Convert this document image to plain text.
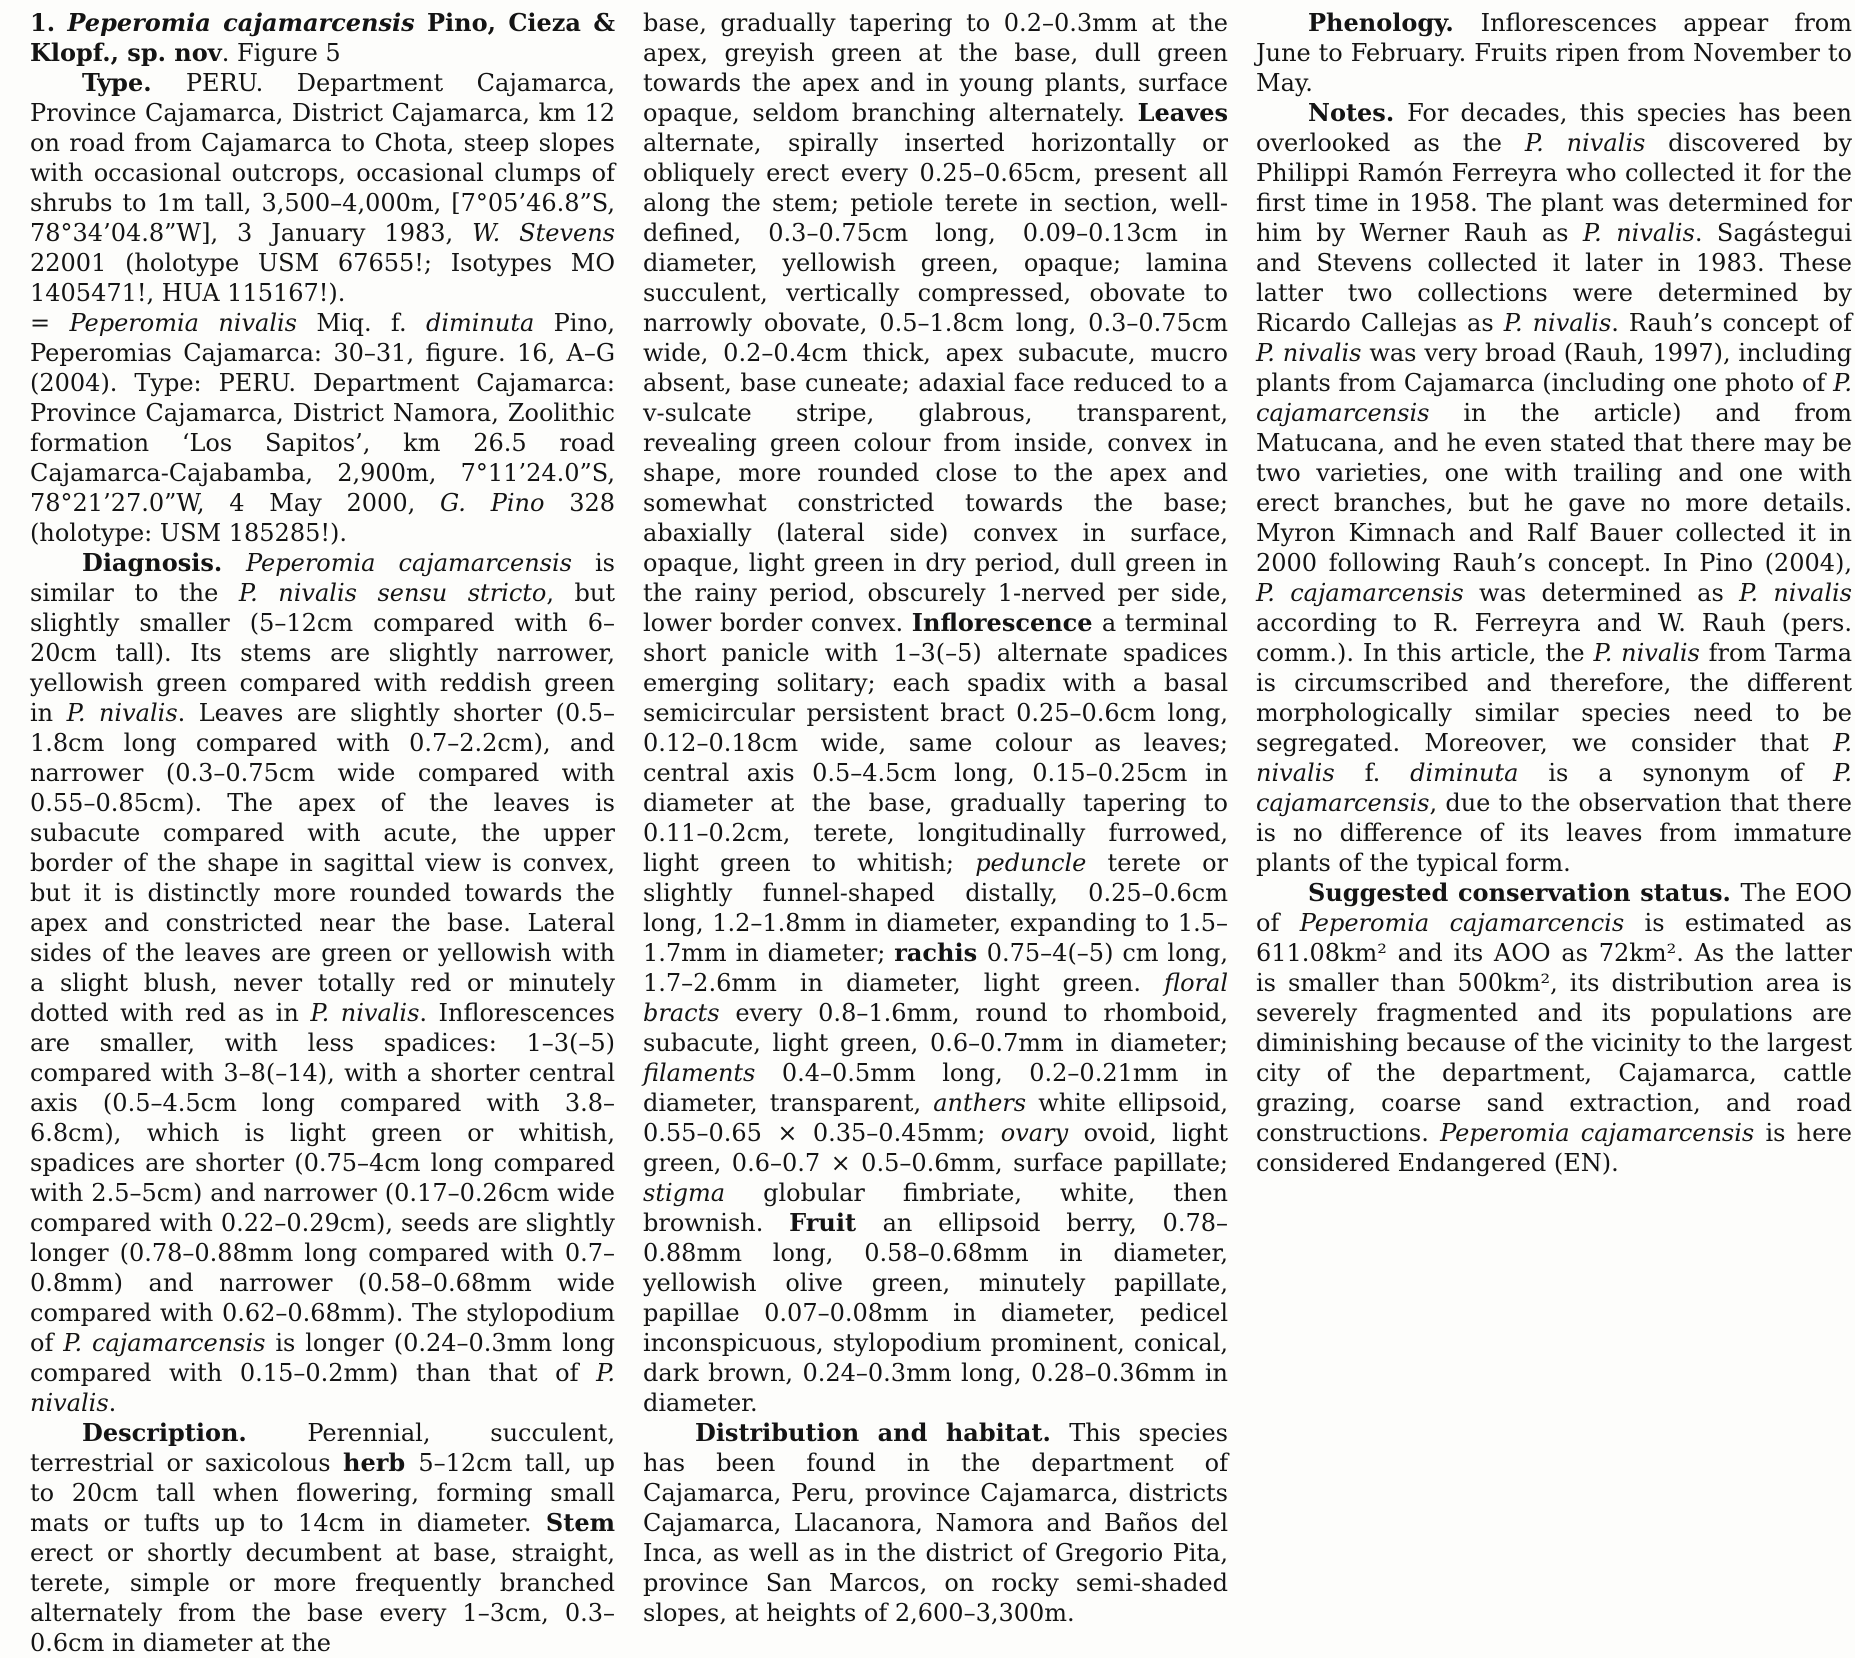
1. Peperomia cajamarcensis Pino, Cieza & Klopf., sp. nov. Figure 5

Type. PERU. Department Cajamarca, Province Cajamarca, District Cajamarca, km 12 on road from Cajamarca to Chota, steep slopes with occasional outcrops, occasional clumps of shrubs to 1m tall, 3,500–4,000m, [7°05’46.8”S, 78°34’04.8”W], 3 January 1983, W. Stevens 22001 (holotype USM 67655!; Isotypes MO 1405471!, HUA 115167!).

= Peperomia nivalis Miq. f. diminuta Pino, Peperomias Cajamarca: 30–31, figure. 16, A–G (2004). Type: PERU. Department Cajamarca: Province Cajamarca, District Namora, Zoolithic formation ‘Los Sapitos’, km 26.5 road Cajamarca-Cajabamba, 2,900m, 7°11’24.0”S, 78°21’27.0”W, 4 May 2000, G. Pino 328 (holotype: USM 185285!).

Diagnosis. Peperomia cajamarcensis is similar to the P. nivalis sensu stricto, but slightly smaller (5–12cm compared with 6–20cm tall). Its stems are slightly narrower, yellowish green compared with reddish green in P. nivalis. Leaves are slightly shorter (0.5–1.8cm long compared with 0.7–2.2cm), and narrower (0.3–0.75cm wide compared with 0.55–0.85cm). The apex of the leaves is subacute compared with acute, the upper border of the shape in sagittal view is convex, but it is distinctly more rounded towards the apex and constricted near the base. Lateral sides of the leaves are green or yellowish with a slight blush, never totally red or minutely dotted with red as in P. nivalis. Inflorescences are smaller, with less spadices: 1–3(–5) compared with 3–8(–14), with a shorter central axis (0.5–4.5cm long compared with 3.8–6.8cm), which is light green or whitish, spadices are shorter (0.75–4cm long compared with 2.5–5cm) and narrower (0.17–0.26cm wide compared with 0.22–0.29cm), seeds are slightly longer (0.78–0.88mm long compared with 0.7–0.8mm) and narrower (0.58–0.68mm wide compared with 0.62–0.68mm). The stylopodium of P. cajamarcensis is longer (0.24–0.3mm long compared with 0.15–0.2mm) than that of P. nivalis.

Description. Perennial, succulent, terrestrial or saxicolous herb 5–12cm tall, up to 20cm tall when flowering, forming small mats or tufts up to 14cm in diameter. Stem erect or shortly decumbent at base, straight, terete, simple or more frequently branched alternately from the base every 1–3cm, 0.3–0.6cm in diameter at the

base, gradually tapering to 0.2–0.3mm at the apex, greyish green at the base, dull green towards the apex and in young plants, surface opaque, seldom branching alternately. Leaves alternate, spirally inserted horizontally or obliquely erect every 0.25–0.65cm, present all along the stem; petiole terete in section, well-defined, 0.3–0.75cm long, 0.09–0.13cm in diameter, yellowish green, opaque; lamina succulent, vertically compressed, obovate to narrowly obovate, 0.5–1.8cm long, 0.3–0.75cm wide, 0.2–0.4cm thick, apex subacute, mucro absent, base cuneate; adaxial face reduced to a v-sulcate stripe, glabrous, transparent, revealing green colour from inside, convex in shape, more rounded close to the apex and somewhat constricted towards the base; abaxially (lateral side) convex in surface, opaque, light green in dry period, dull green in the rainy period, obscurely 1-nerved per side, lower border convex. Inflorescence a terminal short panicle with 1–3(–5) alternate spadices emerging solitary; each spadix with a basal semicircular persistent bract 0.25–0.6cm long, 0.12–0.18cm wide, same colour as leaves; central axis 0.5–4.5cm long, 0.15–0.25cm in diameter at the base, gradually tapering to 0.11–0.2cm, terete, longitudinally furrowed, light green to whitish; peduncle terete or slightly funnel-shaped distally, 0.25–0.6cm long, 1.2–1.8mm in diameter, expanding to 1.5–1.7mm in diameter; rachis 0.75–4(–5) cm long, 1.7–2.6mm in diameter, light green. floral bracts every 0.8–1.6mm, round to rhomboid, subacute, light green, 0.6–0.7mm in diameter; filaments 0.4–0.5mm long, 0.2–0.21mm in diameter, transparent, anthers white ellipsoid, 0.55–0.65 × 0.35–0.45mm; ovary ovoid, light green, 0.6–0.7 × 0.5–0.6mm, surface papillate; stigma globular fimbriate, white, then brownish. Fruit an ellipsoid berry, 0.78–0.88mm long, 0.58–0.68mm in diameter, yellowish olive green, minutely papillate, papillae 0.07–0.08mm in diameter, pedicel inconspicuous, stylopodium prominent, conical, dark brown, 0.24–0.3mm long, 0.28–0.36mm in diameter.

Distribution and habitat. This species has been found in the department of Cajamarca, Peru, province Cajamarca, districts Cajamarca, Llacanora, Namora and Baños del Inca, as well as in the district of Gregorio Pita, province San Marcos, on rocky semi-shaded slopes, at heights of 2,600–3,300m.

Phenology. Inflorescences appear from June to February. Fruits ripen from November to May.

Notes. For decades, this species has been overlooked as the P. nivalis discovered by Philippi Ramón Ferreyra who collected it for the first time in 1958. The plant was determined for him by Werner Rauh as P. nivalis. Sagástegui and Stevens collected it later in 1983. These latter two collections were determined by Ricardo Callejas as P. nivalis. Rauh’s concept of P. nivalis was very broad (Rauh, 1997), including plants from Cajamarca (including one photo of P. cajamarcensis in the article) and from Matucana, and he even stated that there may be two varieties, one with trailing and one with erect branches, but he gave no more details. Myron Kimnach and Ralf Bauer collected it in 2000 following Rauh’s concept. In Pino (2004), P. cajamarcensis was determined as P. nivalis according to R. Ferreyra and W. Rauh (pers. comm.). In this article, the P. nivalis from Tarma is circumscribed and therefore, the different morphologically similar species need to be segregated. Moreover, we consider that P. nivalis f. diminuta is a synonym of P. cajamarcensis, due to the observation that there is no difference of its leaves from immature plants of the typical form.

Suggested conservation status. The EOO of Peperomia cajamarcencis is estimated as 611.08km² and its AOO as 72km². As the latter is smaller than 500km², its distribution area is severely fragmented and its populations are diminishing because of the vicinity to the largest city of the department, Cajamarca, cattle grazing, coarse sand extraction, and road constructions. Peperomia cajamarcensis is here considered Endangered (EN).
